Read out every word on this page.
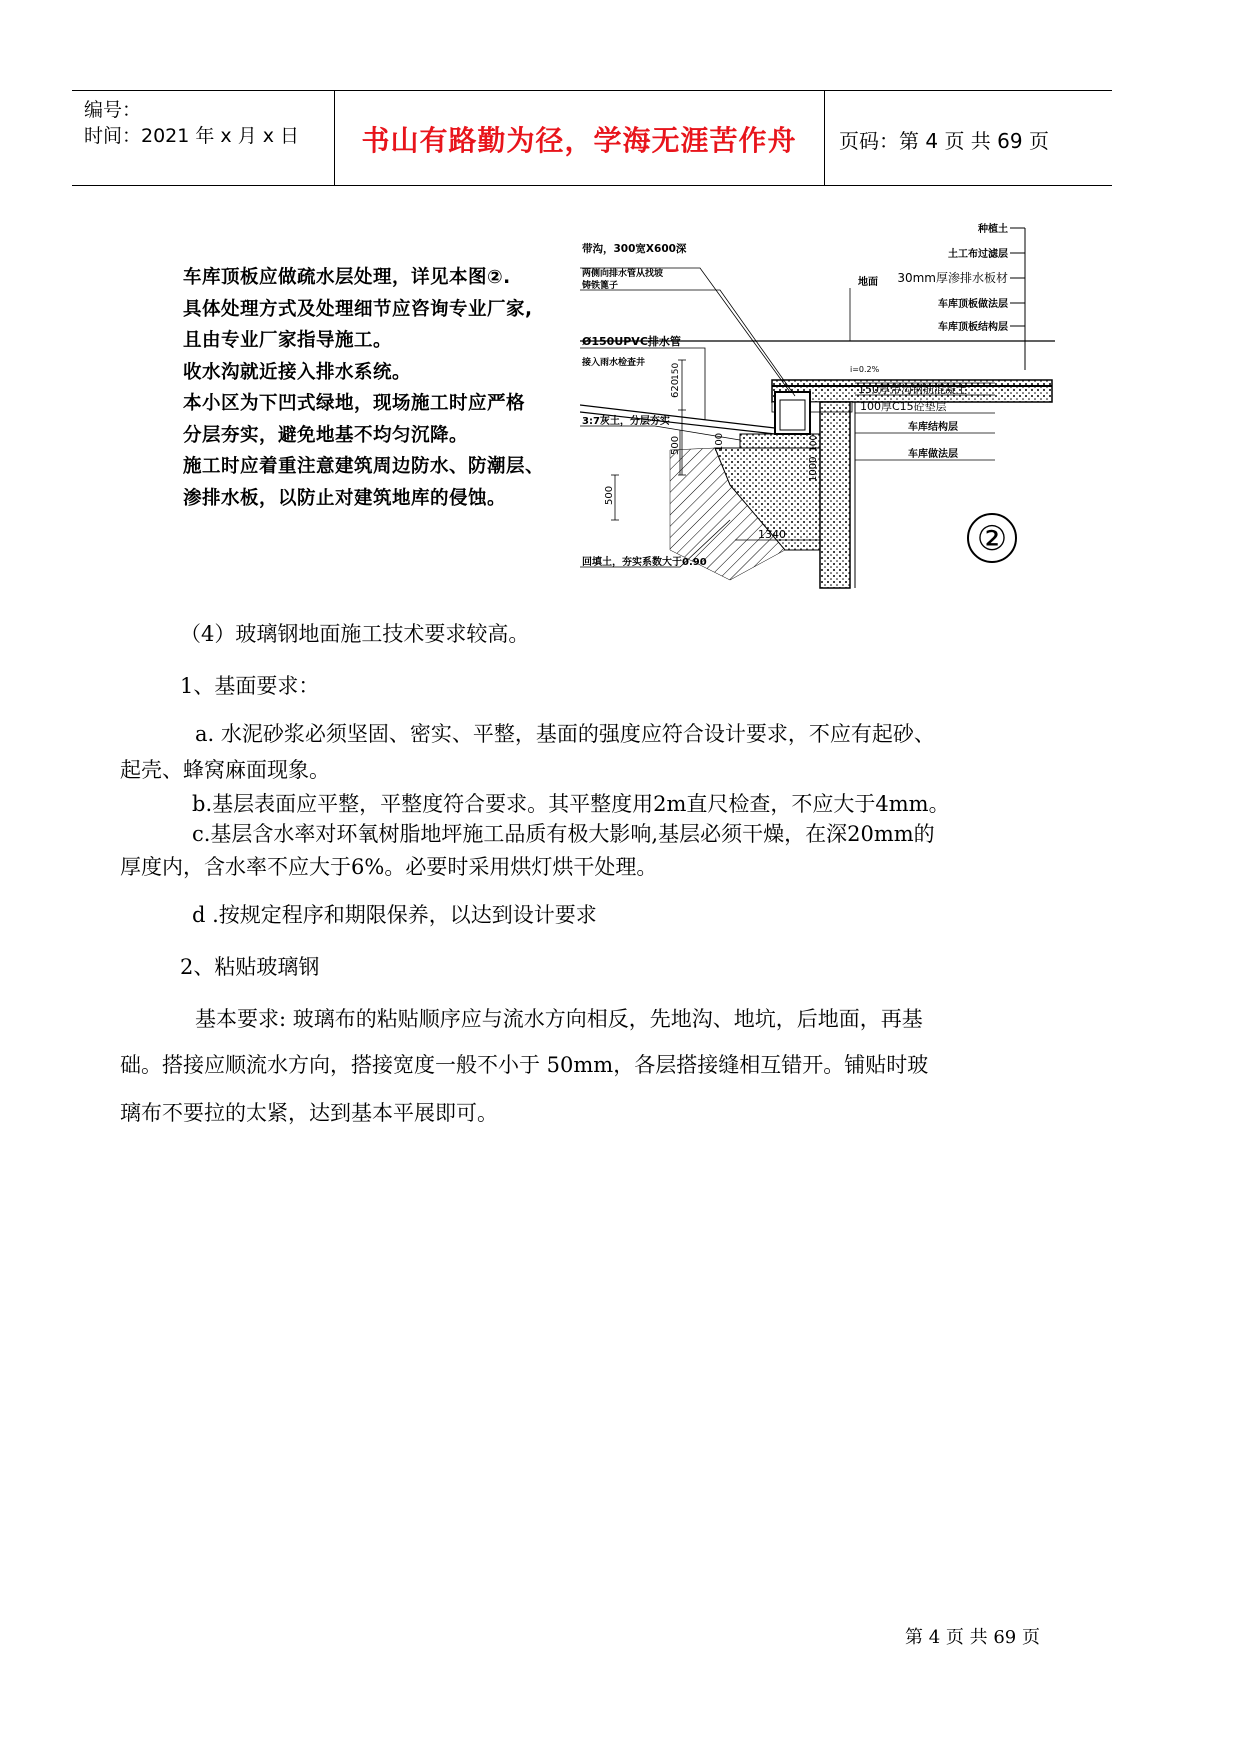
编号：
时间：2021 年 x 月 x 日	书山有路勤为径，学海无涯苦作舟	页码：第 4 页 共 69 页
车库顶板应做疏水层处理，详见本图②.
具体处理方式及处理细节应咨询专业厂家,
且由专业厂家指导施工。
收水沟就近接入排水系统。
本小区为下凹式绿地，现场施工时应严格
分层夯实，避免地基不均匀沉降。
施工时应着重注意建筑周边防水、防潮层、
渗排水板，以防止对建筑地库的侵蚀。
种植土
土工布过滤层
30mm厚渗排水板材
车库顶板做法层
车库顶板结构层
地面
i=0.2%
带沟，300宽X600深
两侧向排水管从找坡
铸铁篦子
Ø150UPVC排水管
接入雨水检查井
3:7灰土，分层夯实
回填土，夯实系数大于0.90
150
620
100
500
500
1000
1340
100
150厚带沟钢筋混凝土
100厚C15砼垫层
车库结构层
车库做法层
②
（4）玻璃钢地面施工技术要求较高。
1、基面要求：
a. 水泥砂浆必须坚固、密实、平整，基面的强度应符合设计要求，不应有起砂、
起壳、蜂窝麻面现象。
b.基层表面应平整，平整度符合要求。其平整度用2m直尺检查，不应大于4mm。
c.基层含水率对环氧树脂地坪施工品质有极大影响,基层必须干燥，在深20mm的
厚度内，含水率不应大于6%。必要时采用烘灯烘干处理。
d .按规定程序和期限保养，以达到设计要求
2、粘贴玻璃钢
基本要求: 玻璃布的粘贴顺序应与流水方向相反，先地沟、地坑，后地面，再基
础。搭接应顺流水方向，搭接宽度一般不小于 50mm，各层搭接缝相互错开。铺贴时玻
璃布不要拉的太紧，达到基本平展即可。
第 4 页 共 69 页
